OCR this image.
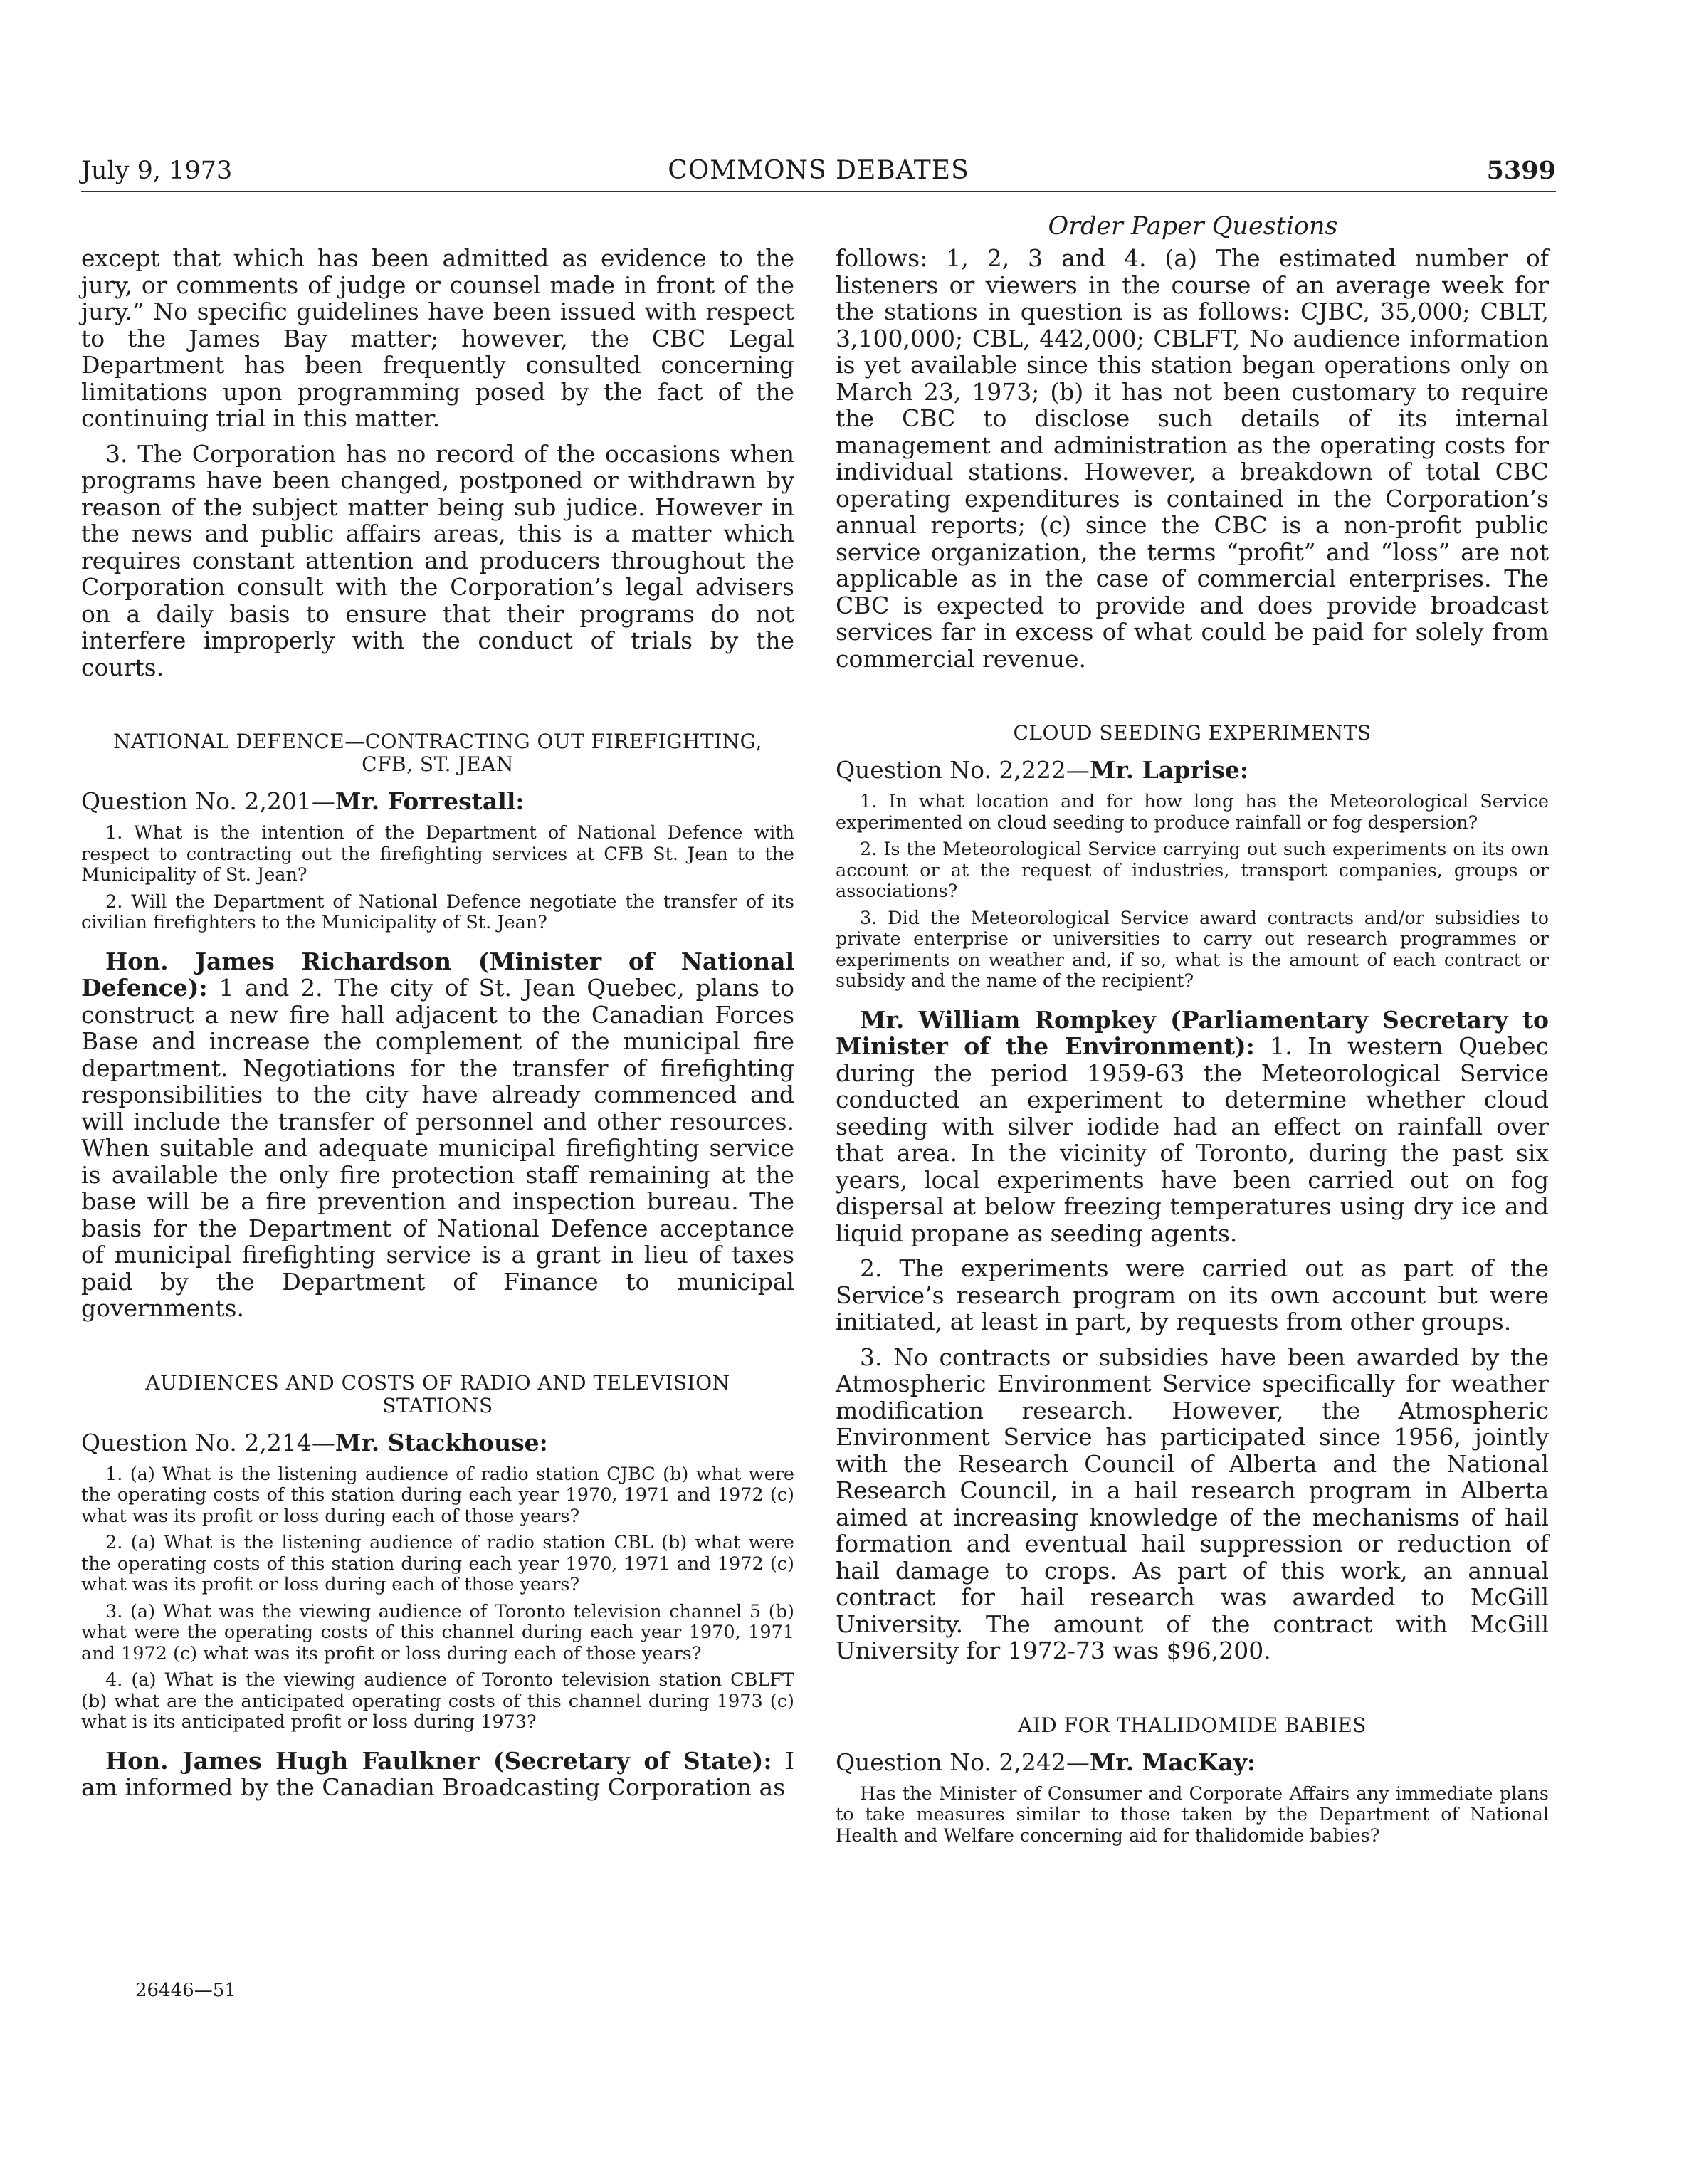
July 9, 1973	COMMONS DEBATES	5399
Order Paper Questions

except that which has been admitted as evidence to the jury, or comments of judge or counsel made in front of the jury.” No specific guidelines have been issued with respect to the James Bay matter; however, the CBC Legal Department has been frequently consulted concerning limitations upon programming posed by the fact of the continuing trial in this matter.

3. The Corporation has no record of the occasions when programs have been changed, postponed or withdrawn by reason of the subject matter being sub judice. However in the news and public affairs areas, this is a matter which requires constant attention and producers throughout the Corporation consult with the Corporation’s legal advisers on a daily basis to ensure that their programs do not interfere improperly with the conduct of trials by the courts.

NATIONAL DEFENCE—CONTRACTING OUT FIREFIGHTING,

CFB, ST. JEAN

Question No. 2,201—Mr. Forrestall:

1. What is the intention of the Department of National Defence with respect to contracting out the firefighting services at CFB St. Jean to the Municipality of St. Jean?

2. Will the Department of National Defence negotiate the transfer of its civilian firefighters to the Municipality of St. Jean?

Hon. James Richardson (Minister of National Defence): 1 and 2. The city of St. Jean Quebec, plans to construct a new fire hall adjacent to the Canadian Forces Base and increase the complement of the municipal fire department. Negotiations for the transfer of firefighting responsibilities to the city have already commenced and will include the transfer of personnel and other resources. When suitable and adequate municipal firefighting service is available the only fire protection staff remaining at the base will be a fire prevention and inspection bureau. The basis for the Department of National Defence acceptance of municipal firefighting service is a grant in lieu of taxes paid by the Department of Finance to municipal governments.

AUDIENCES AND COSTS OF RADIO AND TELEVISION

STATIONS

Question No. 2,214—Mr. Stackhouse:

1. (a) What is the listening audience of radio station CJBC (b) what were the operating costs of this station during each year 1970, 1971 and 1972 (c) what was its profit or loss during each of those years?

2. (a) What is the listening audience of radio station CBL (b) what were the operating costs of this station during each year 1970, 1971 and 1972 (c) what was its profit or loss during each of those years?

3. (a) What was the viewing audience of Toronto television channel 5 (b) what were the operating costs of this channel during each year 1970, 1971 and 1972 (c) what was its profit or loss during each of those years?

4. (a) What is the viewing audience of Toronto television station CBLFT (b) what are the anticipated operating costs of this channel during 1973 (c) what is its anticipated profit or loss during 1973?

Hon. James Hugh Faulkner (Secretary of State): I am informed by the Canadian Broadcasting Corporation as

26446—51

follows: 1, 2, 3 and 4. (a) The estimated number of listeners or viewers in the course of an average week for the stations in question is as follows: CJBC, 35,000; CBLT, 3,100,000; CBL, 442,000; CBLFT, No audience information is yet available since this station began operations only on March 23, 1973; (b) it has not been customary to require the CBC to disclose such details of its internal management and administration as the operating costs for individual stations. However, a breakdown of total CBC operating expenditures is contained in the Corporation’s annual reports; (c) since the CBC is a non-profit public service organization, the terms “profit” and “loss” are not applicable as in the case of commercial enterprises. The CBC is expected to provide and does provide broadcast services far in excess of what could be paid for solely from commercial revenue.

CLOUD SEEDING EXPERIMENTS

Question No. 2,222—Mr. Laprise:

1. In what location and for how long has the Meteorological Service experimented on cloud seeding to produce rainfall or fog despersion?

2. Is the Meteorological Service carrying out such experiments on its own account or at the request of industries, transport companies, groups or associations?

3. Did the Meteorological Service award contracts and/or subsidies to private enterprise or universities to carry out research programmes or experiments on weather and, if so, what is the amount of each contract or subsidy and the name of the recipient?

Mr. William Rompkey (Parliamentary Secretary to Minister of the Environment): 1. In western Quebec during the period 1959-63 the Meteorological Service conducted an experiment to determine whether cloud seeding with silver iodide had an effect on rainfall over that area. In the vicinity of Toronto, during the past six years, local experiments have been carried out on fog dispersal at below freezing temperatures using dry ice and liquid propane as seeding agents.

2. The experiments were carried out as part of the Service’s research program on its own account but were initiated, at least in part, by requests from other groups.

3. No contracts or subsidies have been awarded by the Atmospheric Environment Service specifically for weather modification research. However, the Atmospheric Environment Service has participated since 1956, jointly with the Research Council of Alberta and the National Research Council, in a hail research program in Alberta aimed at increasing knowledge of the mechanisms of hail formation and eventual hail suppression or reduction of hail damage to crops. As part of this work, an annual contract for hail research was awarded to McGill University. The amount of the contract with McGill University for 1972-73 was $96,200.

AID FOR THALIDOMIDE BABIES

Question No. 2,242—Mr. MacKay:

Has the Minister of Consumer and Corporate Affairs any immediate plans to take measures similar to those taken by the Department of National Health and Welfare concerning aid for thalidomide babies?
